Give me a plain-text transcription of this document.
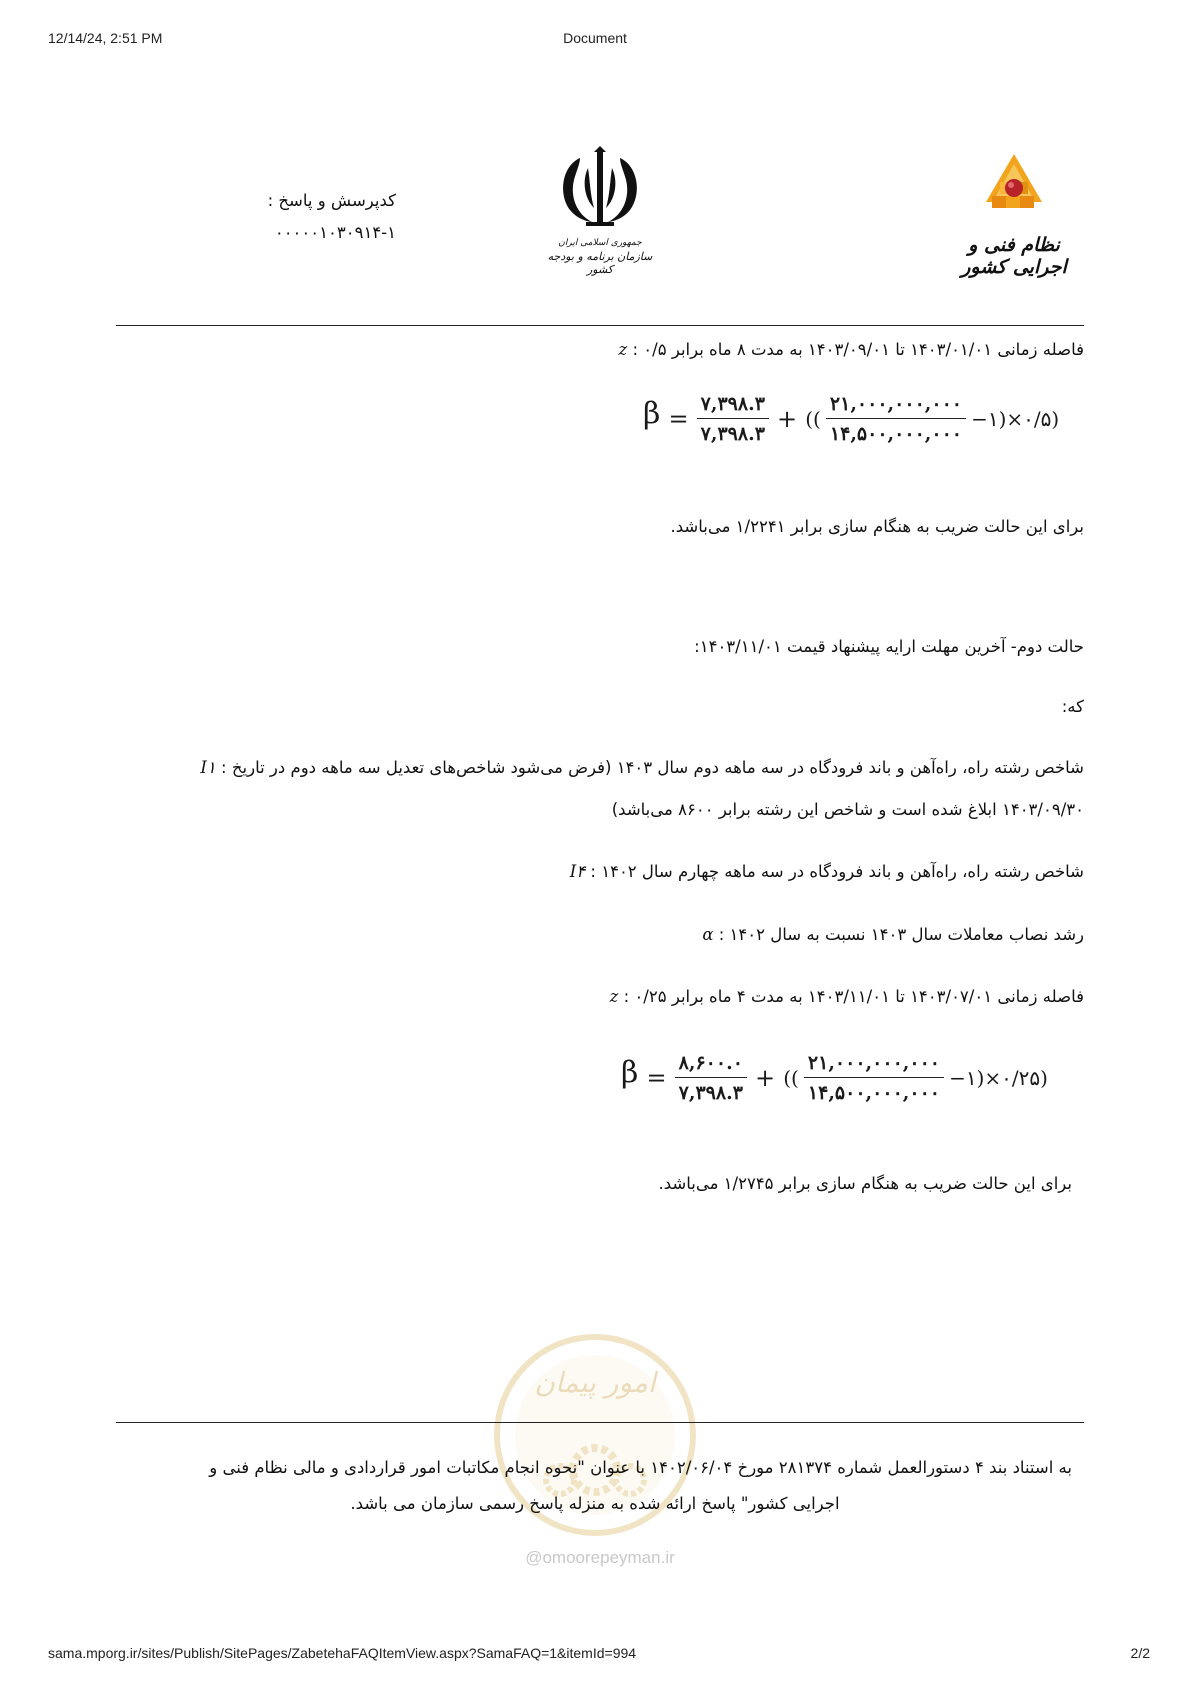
12/14/24, 2:51 PM	Document
کدپرسش و پاسخ :
۰۰۰۰۰۱۰۳۰۹۱۴-۱
جمهوری اسلامی ایران
سازمان برنامه و بودجه کشور
نظام فنی و اجرایی کشور
z : فاصله زمانی ۱۴۰۳/۰۱/۰۱ تا ۱۴۰۳/۰۹/۰۱ به مدت ۸ ماه برابر ۰/۵
$\beta = \frac{۷,۳۹۸.۳}{۷,۳۹۸.۳}$ + (( $\frac{۲۱,۰۰۰,۰۰۰,۰۰۰}{۱۴,۵۰۰,۰۰۰,۰۰۰}$ −۱)×۰/۵)
برای این حالت ضریب به هنگام سازی برابر ۱/۲۲۴۱ می‌باشد.
حالت دوم- آخرین مهلت ارایه پیشنهاد قیمت ۱۴۰۳/۱۱/۰۱:
که:
I۱ : شاخص رشته راه، راه‌آهن و باند فرودگاه در سه ماهه دوم سال ۱۴۰۳ (فرض می‌شود شاخص‌های تعدیل سه ماهه دوم در تاریخ
۱۴۰۳/۰۹/۳۰ ابلاغ شده است و شاخص این رشته برابر ۸۶۰۰ می‌باشد)
I۴ : شاخص رشته راه، راه‌آهن و باند فرودگاه در سه ماهه چهارم سال ۱۴۰۲
α : رشد نصاب معاملات سال ۱۴۰۳ نسبت به سال ۱۴۰۲
z : فاصله زمانی ۱۴۰۳/۰۷/۰۱ تا ۱۴۰۳/۱۱/۰۱ به مدت ۴ ماه برابر ۰/۲۵
$\beta = \frac{۸,۶۰۰.۰}{۷,۳۹۸.۳}$ + (( $\frac{۲۱,۰۰۰,۰۰۰,۰۰۰}{۱۴,۵۰۰,۰۰۰,۰۰۰}$ −۱)×۰/۲۵)
برای این حالت ضریب به هنگام سازی برابر ۱/۲۷۴۵ می‌باشد.
امور پیمان
@omoorepeyman.ir
به استناد بند ۴ دستورالعمل شماره ۲۸۱۳۷۴ مورخ ۱۴۰۲/۰۶/۰۴ با عنوان "نحوه انجام مکاتبات امور قراردادی و مالی نظام فنی و
اجرایی کشور" پاسخ ارائه شده به منزله پاسخ رسمی سازمان می باشد.
sama.mporg.ir/sites/Publish/SitePages/ZabetehaFAQItemView.aspx?SamaFAQ=1&itemId=994	2/2
